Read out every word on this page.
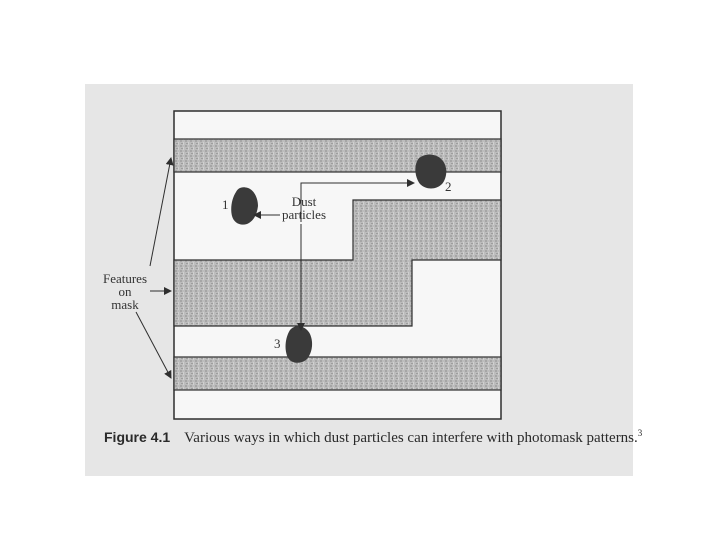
1
2
3
Dust
particles
Features
on
mask
Figure 4.1 Various ways in which dust particles can interfere with photomask patterns.$^3$
